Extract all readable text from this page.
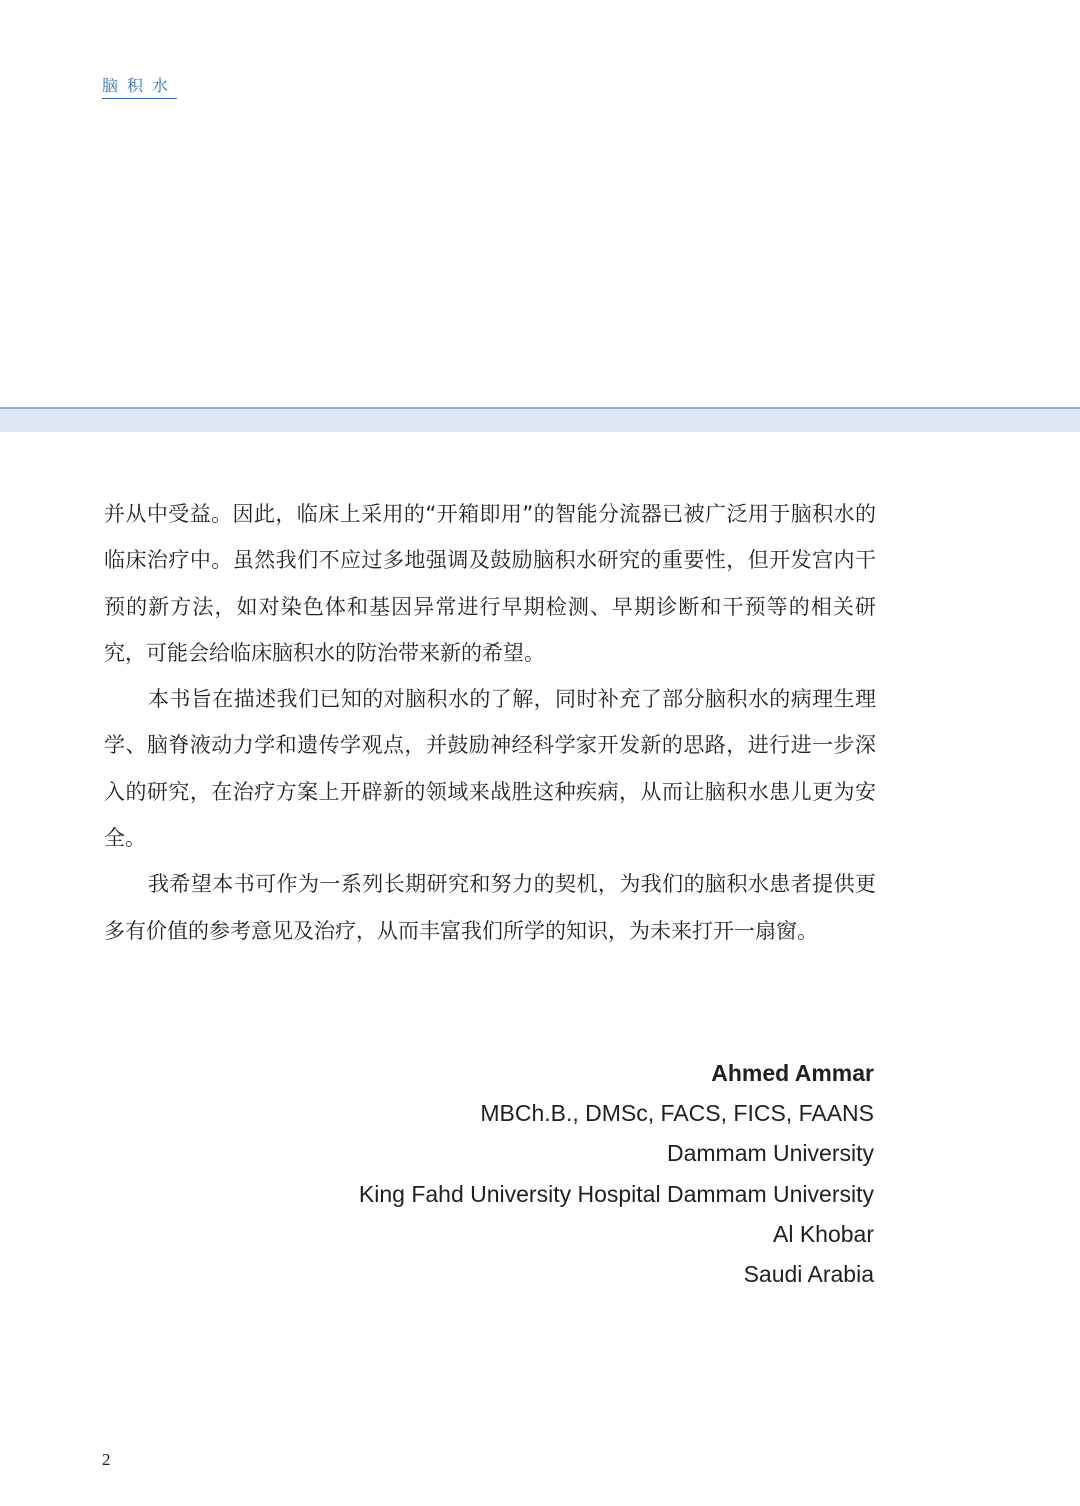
脑积水

并从中受益。因此，临床上采用的“开箱即用”的智能分流器已被广泛用于脑积水的临床治疗中。虽然我们不应过多地强调及鼓励脑积水研究的重要性，但开发宫内干预的新方法，如对染色体和基因异常进行早期检测、早期诊断和干预等的相关研究，可能会给临床脑积水的防治带来新的希望。

本书旨在描述我们已知的对脑积水的了解，同时补充了部分脑积水的病理生理学、脑脊液动力学和遗传学观点，并鼓励神经科学家开发新的思路，进行进一步深入的研究，在治疗方案上开辟新的领域来战胜这种疾病，从而让脑积水患儿更为安全。

我希望本书可作为一系列长期研究和努力的契机，为我们的脑积水患者提供更多有价值的参考意见及治疗，从而丰富我们所学的知识，为未来打开一扇窗。

Ahmed Ammar
MBCh.B., DMSc, FACS, FICS, FAANS
Dammam University
King Fahd University Hospital Dammam University
Al Khobar
Saudi Arabia
2
